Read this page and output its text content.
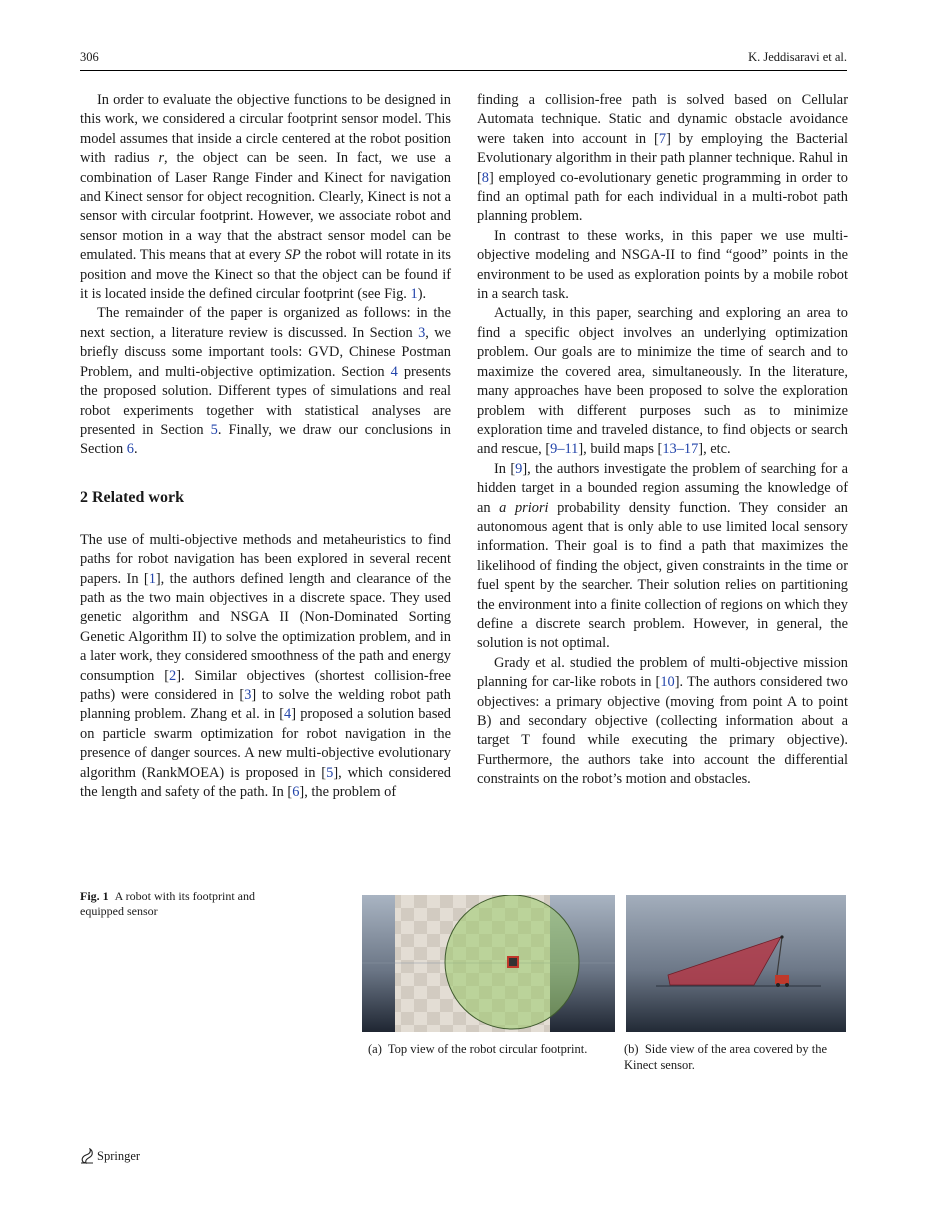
306	K. Jeddisaravi et al.

In order to evaluate the objective functions to be designed in this work, we considered a circular footprint sensor model. This model assumes that inside a circle centered at the robot position with radius r, the object can be seen. In fact, we use a combination of Laser Range Finder and Kinect for navigation and Kinect sensor for object recognition. Clearly, Kinect is not a sensor with circular footprint. However, we associate robot and sensor motion in a way that the abstract sensor model can be emulated. This means that at every SP the robot will rotate in its position and move the Kinect so that the object can be found if it is located inside the defined circular footprint (see Fig. 1).

The remainder of the paper is organized as follows: in the next section, a literature review is discussed. In Section 3, we briefly discuss some important tools: GVD, Chinese Postman Problem, and multi-objective optimization. Section 4 presents the proposed solution. Different types of simulations and real robot experiments together with statistical analyses are presented in Section 5. Finally, we draw our conclusions in Section 6.

2 Related work

The use of multi-objective methods and metaheuristics to find paths for robot navigation has been explored in several recent papers. In [1], the authors defined length and clearance of the path as the two main objectives in a discrete space. They used genetic algorithm and NSGA II (Non-Dominated Sorting Genetic Algorithm II) to solve the optimization problem, and in a later work, they considered smoothness of the path and energy consumption [2]. Similar objectives (shortest collision-free paths) were considered in [3] to solve the welding robot path planning problem. Zhang et al. in [4] proposed a solution based on particle swarm optimization for robot navigation in the presence of danger sources. A new multi-objective evolutionary algorithm (RankMOEA) is proposed in [5], which considered the length and safety of the path. In [6], the problem of

finding a collision-free path is solved based on Cellular Automata technique. Static and dynamic obstacle avoidance were taken into account in [7] by employing the Bacterial Evolutionary algorithm in their path planner technique. Rahul in [8] employed co-evolutionary genetic programming in order to find an optimal path for each individual in a multi-robot path planning problem.

In contrast to these works, in this paper we use multi-objective modeling and NSGA-II to find “good” points in the environment to be used as exploration points by a mobile robot in a search task.

Actually, in this paper, searching and exploring an area to find a specific object involves an underlying optimization problem. Our goals are to minimize the time of search and to maximize the covered area, simultaneously. In the literature, many approaches have been proposed to solve the exploration problem with different purposes such as to minimize exploration time and traveled distance, to find objects or search and rescue, [9–11], build maps [13–17], etc.

In [9], the authors investigate the problem of searching for a hidden target in a bounded region assuming the knowledge of an a priori probability density function. They consider an autonomous agent that is only able to use limited local sensory information. Their goal is to find a path that maximizes the likelihood of finding the object, given constraints in the time or fuel spent by the searcher. Their solution relies on partitioning the environment into a finite collection of regions on which they define a discrete search problem. However, in general, the solution is not optimal.

Grady et al. studied the problem of multi-objective mission planning for car-like robots in [10]. The authors considered two objectives: a primary objective (moving from point A to point B) and secondary objective (collecting information about a target T found while executing the primary objective). Furthermore, the authors take into account the differential constraints on the robot’s motion and obstacles.

Fig. 1 A robot with its footprint and equipped sensor
(a) Top view of the robot circular footprint.	(b) Side view of the area covered by the Kinect sensor.
Springer
